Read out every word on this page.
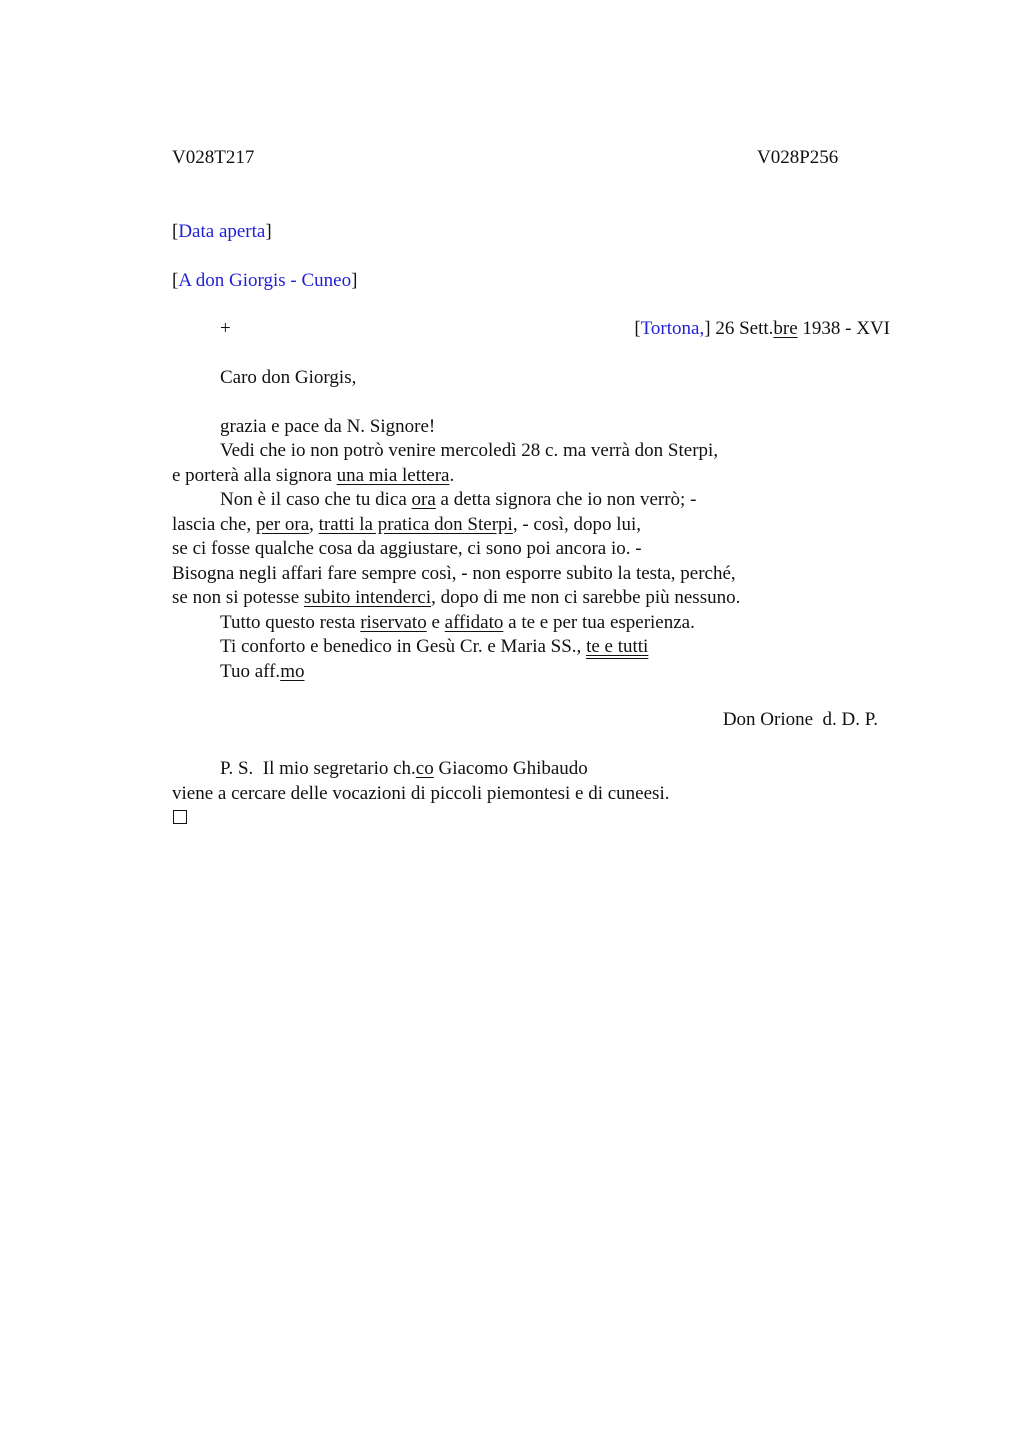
V028T217	V028P256
[Data aperta]
[A don Giorgis - Cuneo]
+	[Tortona,] 26 Sett.bre 1938 - XVI
Caro don Giorgis,
grazia e pace da N. Signore!
Vedi che io non potrò venire mercoledì 28 c. ma verrà don Sterpi,
e porterà alla signora una mia lettera.
Non è il caso che tu dica ora a detta signora che io non verrò; -
lascia che, per ora, tratti la pratica don Sterpi, - così, dopo lui,
se ci fosse qualche cosa da aggiustare, ci sono poi ancora io. -
Bisogna negli affari fare sempre così, - non esporre subito la testa, perché,
se non si potesse subito intenderci, dopo di me non ci sarebbe più nessuno.
Tutto questo resta riservato e affidato a te e per tua esperienza.
Ti conforto e benedico in Gesù Cr. e Maria SS., te e tutti
Tuo aff.mo
Don Orione  d. D. P.
P. S.  Il mio segretario ch.co Giacomo Ghibaudo
viene a cercare delle vocazioni di piccoli piemontesi e di cuneesi.
